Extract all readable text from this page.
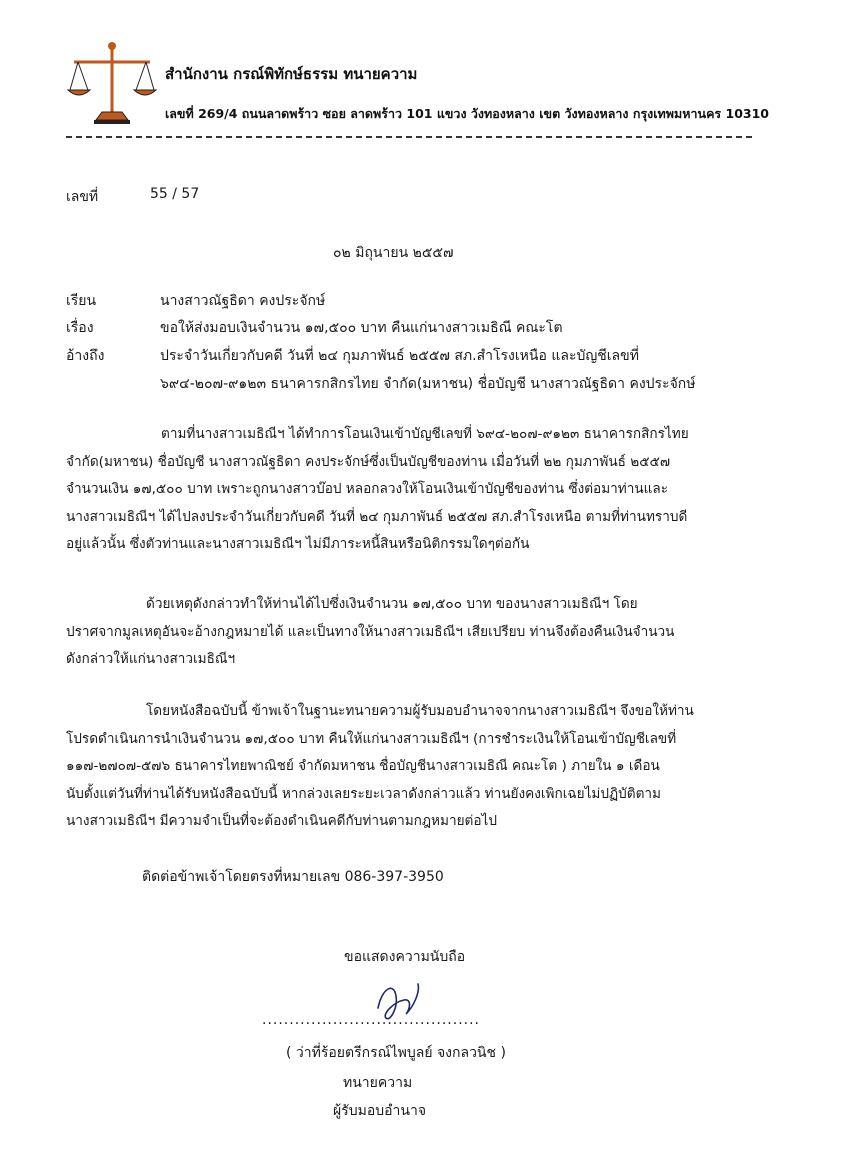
สำนักงาน กรณ์พิทักษ์ธรรม ทนายความ
เลขที่ 269/4 ถนนลาดพร้าว ซอย ลาดพร้าว 101 แขวง วังทองหลาง เขต วังทองหลาง กรุงเทพมหานคร 10310
เลขที่	55 / 57
๐๒ มิถุนายน ๒๕๕๗
เรียน	นางสาวณัฐธิดา คงประจักษ์
เรื่อง	ขอให้ส่งมอบเงินจำนวน ๑๗,๕๐๐ บาท คืนแก่นางสาวเมธิณี คณะโต
อ้างถึง	ประจำวันเกี่ยวกับคดี วันที่ ๒๔ กุมภาพันธ์ ๒๕๕๗ สภ.สำโรงเหนือ และบัญชีเลขที่
๖๙๔-๒๐๗-๙๑๒๓ ธนาคารกสิกรไทย จำกัด(มหาชน) ชื่อบัญชี นางสาวณัฐธิดา คงประจักษ์
ตามที่นางสาวเมธิณีฯ ได้ทำการโอนเงินเข้าบัญชีเลขที่ ๖๙๔-๒๐๗-๙๑๒๓ ธนาคารกสิกรไทย
จำกัด(มหาชน) ชื่อบัญชี นางสาวณัฐธิดา คงประจักษ์ซึ่งเป็นบัญชีของท่าน เมื่อวันที่ ๒๒ กุมภาพันธ์ ๒๕๕๗
จำนวนเงิน ๑๗,๕๐๐ บาท เพราะถูกนางสาวบ๊อป หลอกลวงให้โอนเงินเข้าบัญชีของท่าน ซึ่งต่อมาท่านและ
นางสาวเมธิณีฯ ได้ไปลงประจำวันเกี่ยวกับคดี วันที่ ๒๔ กุมภาพันธ์ ๒๕๕๗ สภ.สำโรงเหนือ ตามที่ท่านทราบดี
อยู่แล้วนั้น ซึ่งตัวท่านและนางสาวเมธิณีฯ ไม่มีภาระหนี้สินหรือนิติกรรมใดๆต่อกัน
ด้วยเหตุดังกล่าวทำให้ท่านได้ไปซึ่งเงินจำนวน ๑๗,๕๐๐ บาท ของนางสาวเมธิณีฯ โดย
ปราศจากมูลเหตุอันจะอ้างกฎหมายได้ และเป็นทางให้นางสาวเมธิณีฯ เสียเปรียบ ท่านจึงต้องคืนเงินจำนวน
ดังกล่าวให้แก่นางสาวเมธิณีฯ
โดยหนังสือฉบับนี้ ข้าพเจ้าในฐานะทนายความผู้รับมอบอำนาจจากนางสาวเมธิณีฯ จึงขอให้ท่าน
โปรดดำเนินการนำเงินจำนวน ๑๗,๕๐๐ บาท คืนให้แก่นางสาวเมธิณีฯ (การชำระเงินให้โอนเข้าบัญชีเลขที่
๑๑๗-๒๗๐๗-๕๗๖ ธนาคารไทยพาณิชย์ จำกัดมหาชน ชื่อบัญชีนางสาวเมธิณี คณะโต ) ภายใน ๑ เดือน
นับตั้งแต่วันที่ท่านได้รับหนังสือฉบับนี้ หากล่วงเลยระยะเวลาดังกล่าวแล้ว ท่านยังคงเพิกเฉยไม่ปฏิบัติตาม
นางสาวเมธิณีฯ มีความจำเป็นที่จะต้องดำเนินคดีกับท่านตามกฎหมายต่อไป
ติดต่อข้าพเจ้าโดยตรงที่หมายเลข 086-397-3950
ขอแสดงความนับถือ
........................................
( ว่าที่ร้อยตรีกรณ์ไพบูลย์ จงกลวนิช )
ทนายความ
ผู้รับมอบอำนาจ
